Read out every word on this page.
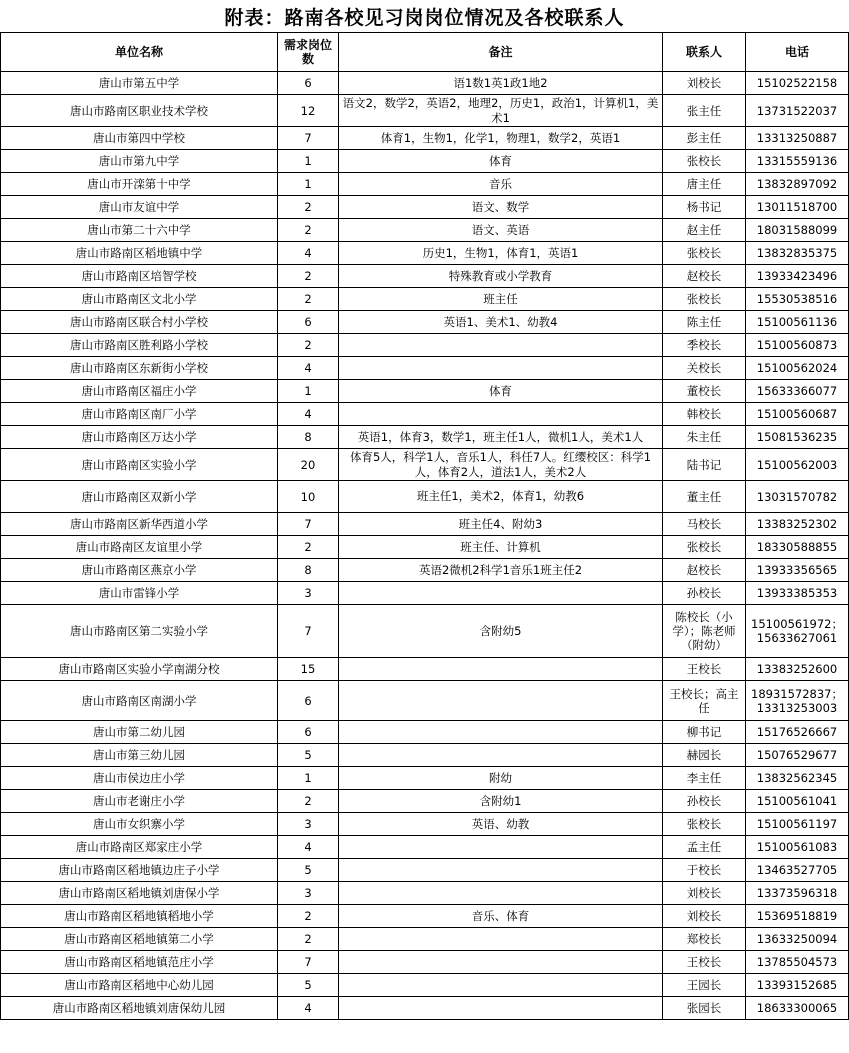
附表：路南各校见习岗岗位情况及各校联系人
单位名称	需求岗位数	备注	联系人	电话
唐山市第五中学	6	语1数1英1政1地2	刘校长	15102522158
唐山市路南区职业技术学校	12	语文2，数学2，英语2，地理2，历史1，政治1，计算机1，美术1	张主任	13731522037
唐山市第四中学校	7	体育1，生物1，化学1，物理1，数学2，英语1	彭主任	13313250887
唐山市第九中学	1	体育	张校长	13315559136
唐山市开滦第十中学	1	音乐	唐主任	13832897092
唐山市友谊中学	2	语文、数学	杨书记	13011518700
唐山市第二十六中学	2	语文、英语	赵主任	18031588099
唐山市路南区稻地镇中学	4	历史1，生物1，体育1，英语1	张校长	13832835375
唐山市路南区培智学校	2	特殊教育或小学教育	赵校长	13933423496
唐山市路南区文北小学	2	班主任	张校长	15530538516
唐山市路南区联合村小学校	6	英语1、美术1、幼教4	陈主任	15100561136
唐山市路南区胜利路小学校	2		季校长	15100560873
唐山市路南区东新街小学校	4		关校长	15100562024
唐山市路南区福庄小学	1	体育	董校长	15633366077
唐山市路南区南厂小学	4		韩校长	15100560687
唐山市路南区万达小学	8	英语1，体育3，数学1，班主任1人，微机1人，美术1人	朱主任	15081536235
唐山市路南区实验小学	20	体育5人，科学1人，音乐1人，科任7人。红缨校区：科学1人，体育2人，道法1人，美术2人	陆书记	15100562003
唐山市路南区双新小学	10	班主任1，美术2，体育1，幼教6	董主任	13031570782
唐山市路南区新华西道小学	7	班主任4、附幼3	马校长	13383252302
唐山市路南区友谊里小学	2	班主任、计算机	张校长	18330588855
唐山市路南区燕京小学	8	英语2微机2科学1音乐1班主任2	赵校长	13933356565
唐山市雷锋小学	3		孙校长	13933385353
唐山市路南区第二实验小学	7	含附幼5	陈校长（小学）；陈老师（附幼）	15100561972；15633627061
唐山市路南区实验小学南湖分校	15		王校长	13383252600
唐山市路南区南湖小学	6		王校长；高主任	18931572837；13313253003
唐山市第二幼儿园	6		柳书记	15176526667
唐山市第三幼儿园	5		赫园长	15076529677
唐山市侯边庄小学	1	附幼	李主任	13832562345
唐山市老谢庄小学	2	含附幼1	孙校长	15100561041
唐山市女织寨小学	3	英语、幼教	张校长	15100561197
唐山市路南区郑家庄小学	4		孟主任	15100561083
唐山市路南区稻地镇边庄子小学	5		于校长	13463527705
唐山市路南区稻地镇刘唐保小学	3		刘校长	13373596318
唐山市路南区稻地镇稻地小学	2	音乐、体育	刘校长	15369518819
唐山市路南区稻地镇第二小学	2		郑校长	13633250094
唐山市路南区稻地镇范庄小学	7		王校长	13785504573
唐山市路南区稻地中心幼儿园	5		王园长	13393152685
唐山市路南区稻地镇刘唐保幼儿园	4		张园长	18633300065
